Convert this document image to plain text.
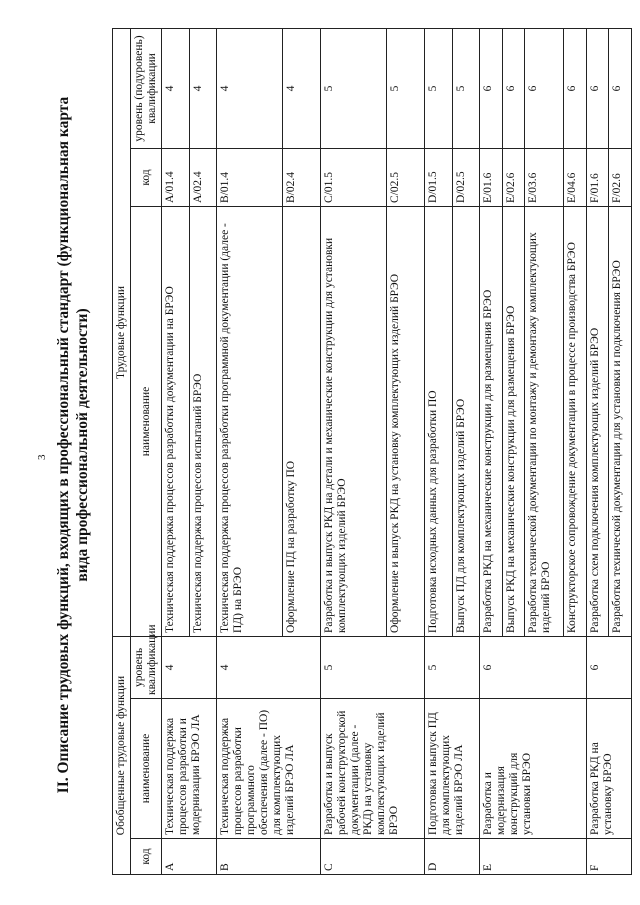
3 II. Описание трудовых функций, входящих в профессиональный стандарт (функциональная карта вида профессиональной деятельности)
Обобщенные трудовые функции			Трудовые функции		
код	наименование	уровень квалификации	наименование	код	уровень (подуровень) квалификации
A	Техническая поддержка процессов разработки и модернизации БРЭО ЛА	4	Техническая поддержка процессов разработки документации на БРЭО	A/01.4	4
			Техническая поддержка процессов испытаний БРЭО	A/02.4	4
B	Техническая поддержка процессов разработки программного обеспечения (далее - ПО) для комплектующих изделий БРЭО ЛА	4	Техническая поддержка процессов разработки программной документации (далее - ПД) на БРЭО	B/01.4	4
			Оформление ПД на разработку ПО	B/02.4	4
C	Разработка и выпуск рабочей конструкторской документации (далее - РКД) на установку комплектующих изделий БРЭО	5	Разработка и выпуск РКД на детали и механические конструкции для установки комплектующих изделий БРЭО	C/01.5	5
			Оформление и выпуск РКД на установку комплектующих изделий БРЭО	C/02.5	5
D	Подготовка и выпуск ПД для комплектующих изделий БРЭО ЛА	5	Подготовка исходных данных для разработки ПО	D/01.5	5
			Выпуск ПД для комплектующих изделий БРЭО	D/02.5	5
E	Разработка и модернизация конструкций для установки БРЭО	6	Разработка РКД на механические конструкции для размещения БРЭО	E/01.6	6
			Выпуск РКД на механические конструкции для размещения БРЭО	E/02.6	6
			Разработка технической документации по монтажу и демонтажу комплектующих изделий БРЭО	E/03.6	6
			Конструкторское сопровождение документации в процессе производства БРЭО	E/04.6	6
F	Разработка РКД на установку БРЭО	6	Разработка схем подключения комплектующих изделий БРЭО	F/01.6	6
			Разработка технической документации для установки и подключения БРЭО	F/02.6	6
